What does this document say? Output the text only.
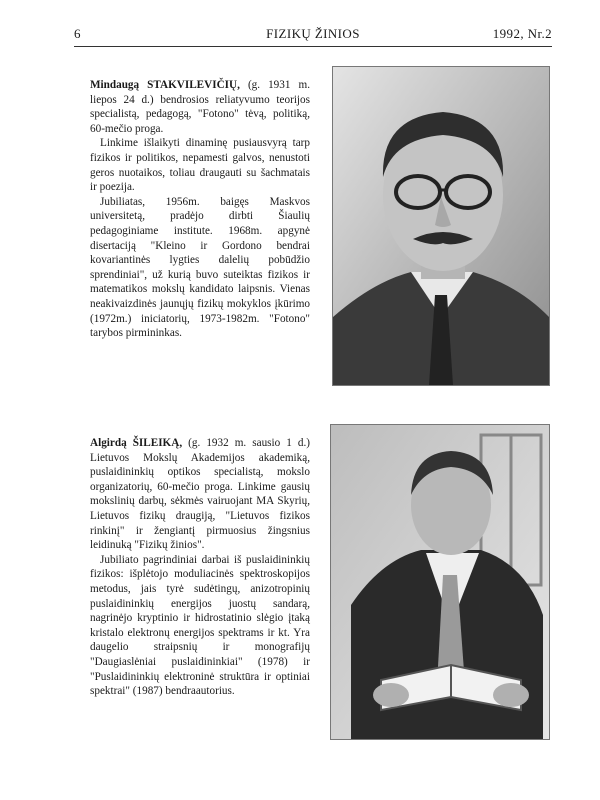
6	FIZIKŲ ŽINIOS	1992, Nr.2

Mindaugą STAKVILEVIČIŲ, (g. 1931 m. liepos 24 d.) bendrosios reliatyvumo teorijos specialistą, pedagogą, "Fotono" tėvą, politiką, 60-mečio proga.

Linkime išlaikyti dinaminę pusiausvyrą tarp fizikos ir politikos, nepamesti galvos, nenustoti geros nuotaikos, toliau draugauti su šachmatais ir poezija.

Jubiliatas, 1956m. baigęs Maskvos universitetą, pradėjo dirbti Šiaulių pedagoginiame institute. 1968m. apgynė disertaciją "Kleino ir Gordono bendrai kovariantinės lygties dalelių pobūdžio sprendiniai", už kurią buvo suteiktas fizikos ir matematikos mokslų kandidato laipsnis. Vienas neakivaizdinės jaunųjų fizikų mokyklos įkūrimo (1972m.) iniciatorių, 1973-1982m. "Fotono" tarybos pirmininkas.

Algirdą ŠILEIKĄ, (g. 1932 m. sausio 1 d.) Lietuvos Mokslų Akademijos akademiką, puslaidininkių optikos specialistą, mokslo organizatorių, 60-mečio proga. Linkime gausių mokslinių darbų, sėkmės vairuojant MA Skyrių, Lietuvos fizikų draugiją, "Lietuvos fizikos rinkinį" ir žengiantį pirmuosius žingsnius leidinuką "Fizikų žinios".

Jubiliato pagrindiniai darbai iš puslaidininkių fizikos: išplėtojo moduliacinės spektroskopijos metodus, jais tyrė sudėtingų, anizotropinių puslaidininkių energijos juostų sandarą, nagrinėjo kryptinio ir hidrostatinio slėgio įtaką kristalo elektronų energijos spektrams ir kt. Yra daugelio straipsnių ir monografijų "Daugiaslėniai puslaidininkiai" (1978) ir "Puslaidininkių elektroninė struktūra ir optiniai spektrai" (1987) bendraautorius.
